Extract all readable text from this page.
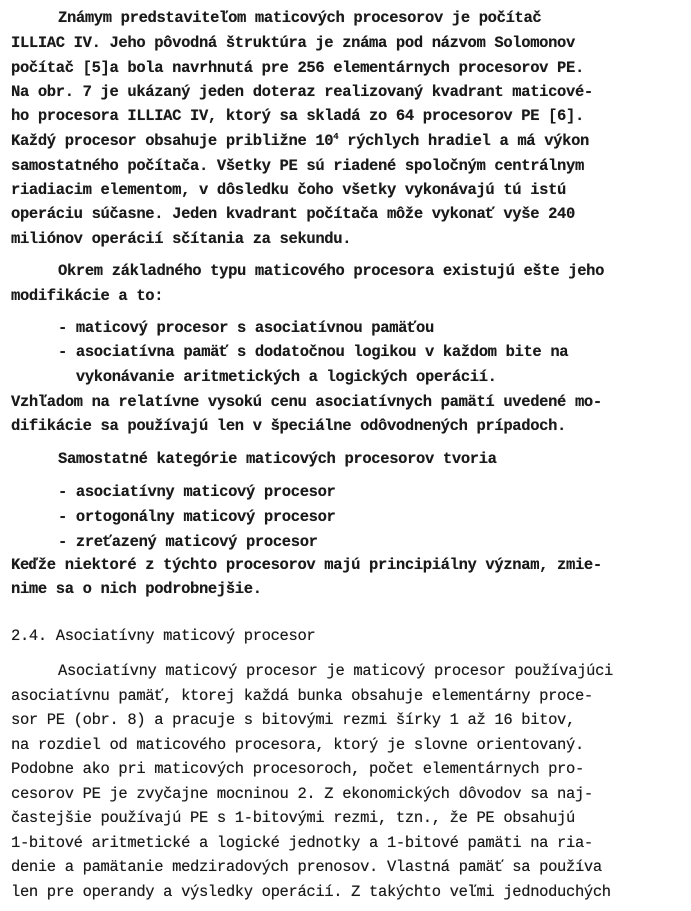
Známym predstaviteľom maticových procesorov je počítač
ILLIAC IV. Jeho pôvodná štruktúra je známa pod názvom Solomonov
počítač [5]a bola navrhnutá pre 256 elementárnych procesorov PE.
Na obr. 7 je ukázaný jeden doteraz realizovaný kvadrant maticové-
ho procesora ILLIAC IV, ktorý sa skladá zo 64 procesorov PE [6].
Každý procesor obsahuje približne $10^4$ rýchlych hradiel a má výkon
samostatného počítača. Všetky PE sú riadené spoločným centrálnym
riadiacim elementom, v dôsledku čoho všetky vykonávajú tú istú
operáciu súčasne. Jeden kvadrant počítača môže vykonať vyše 240
miliónov operácií sčítania za sekundu.
Okrem základného typu maticového procesora existujú ešte jeho
modifikácie a to:
- maticový procesor s asociatívnou pamäťou
- asociatívna pamäť s dodatočnou logikou v každom bite na
vykonávanie aritmetických a logických operácií.
Vzhľadom na relatívne vysokú cenu asociatívnych pamätí uvedené mo-
difikácie sa používajú len v špeciálne odôvodnených prípadoch.
Samostatné kategórie maticových procesorov tvoria
- asociatívny maticový procesor
- ortogonálny maticový procesor
- zreťazený maticový procesor
Keďže niektoré z týchto procesorov majú principiálny význam, zmie-
nime sa o nich podrobnejšie.
2.4. Asociatívny maticový procesor
Asociatívny maticový procesor je maticový procesor používajúci
asociatívnu pamäť, ktorej každá bunka obsahuje elementárny proce-
sor PE (obr. 8) a pracuje s bitovými rezmi šírky 1 až 16 bitov,
na rozdiel od maticového procesora, ktorý je slovne orientovaný.
Podobne ako pri maticových procesoroch, počet elementárnych pro-
cesorov PE je zvyčajne mocninou 2. Z ekonomických dôvodov sa naj-
častejšie používajú PE s 1-bitovými rezmi, tzn., že PE obsahujú
1-bitové aritmetické a logické jednotky a 1-bitové pamäti na ria-
denie a pamätanie medziradových prenosov. Vlastná pamäť sa používa
len pre operandy a výsledky operácií. Z takýchto veľmi jednoduchých
